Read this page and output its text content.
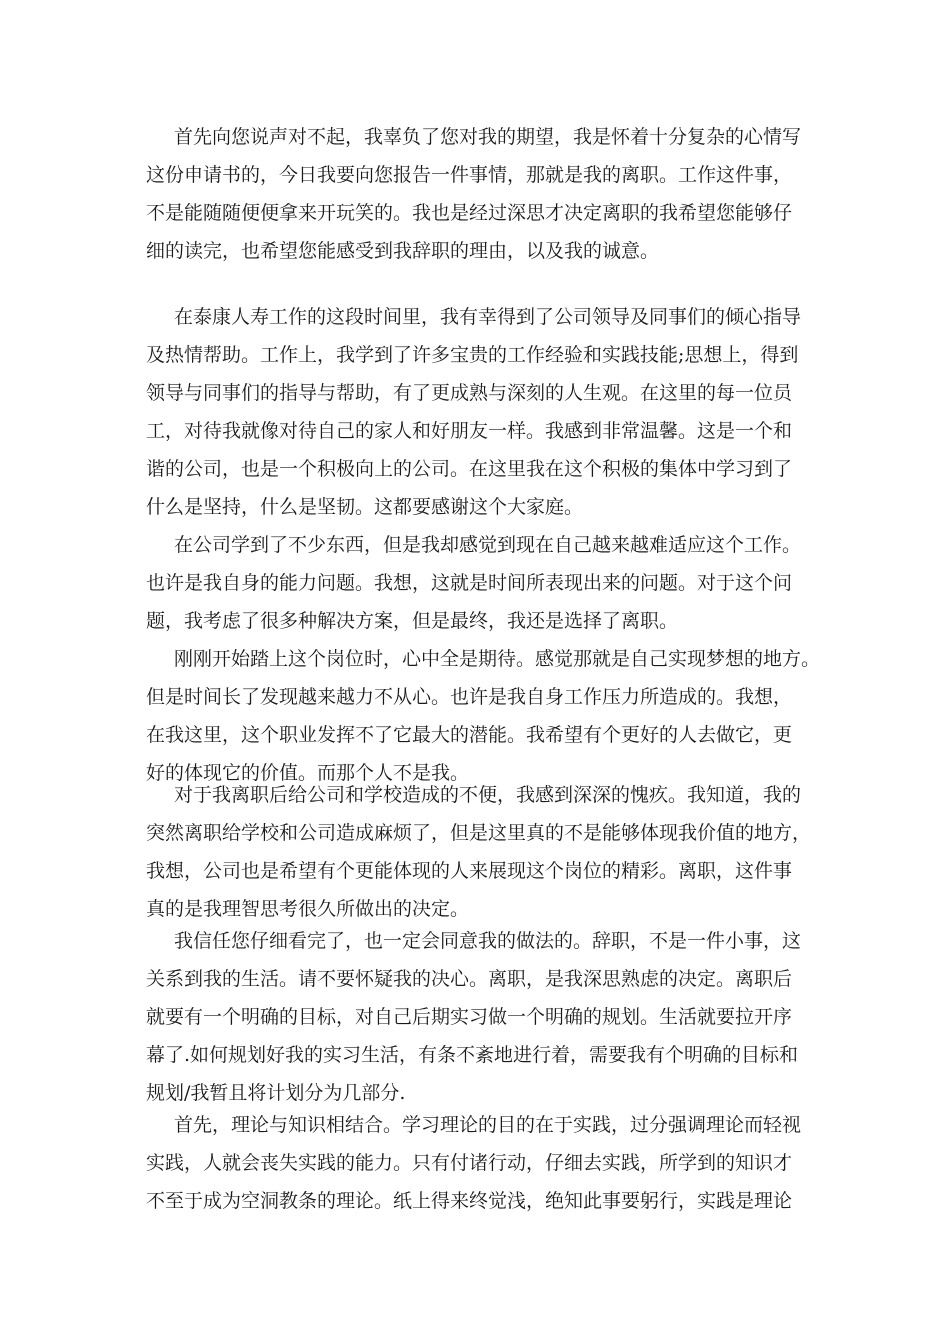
首先向您说声对不起，我辜负了您对我的期望，我是怀着十分复杂的心情写
这份申请书的，今日我要向您报告一件事情，那就是我的离职。工作这件事，
不是能随随便便拿来开玩笑的。我也是经过深思才决定离职的我希望您能够仔
细的读完，也希望您能感受到我辞职的理由，以及我的诚意。
在泰康人寿工作的这段时间里，我有幸得到了公司领导及同事们的倾心指导
及热情帮助。工作上，我学到了许多宝贵的工作经验和实践技能;思想上，得到
领导与同事们的指导与帮助，有了更成熟与深刻的人生观。在这里的每一位员
工，对待我就像对待自己的家人和好朋友一样。我感到非常温馨。这是一个和
谐的公司，也是一个积极向上的公司。在这里我在这个积极的集体中学习到了
什么是坚持，什么是坚韧。这都要感谢这个大家庭。
在公司学到了不少东西，但是我却感觉到现在自己越来越难适应这个工作。
也许是我自身的能力问题。我想，这就是时间所表现出来的问题。对于这个问
题，我考虑了很多种解决方案，但是最终，我还是选择了离职。
刚刚开始踏上这个岗位时，心中全是期待。感觉那就是自己实现梦想的地方。
但是时间长了发现越来越力不从心。也许是我自身工作压力所造成的。我想，
在我这里，这个职业发挥不了它最大的潜能。我希望有个更好的人去做它，更
好的体现它的价值。而那个人不是我。
对于我离职后给公司和学校造成的不便，我感到深深的愧疚。我知道，我的
突然离职给学校和公司造成麻烦了，但是这里真的不是能够体现我价值的地方，
我想，公司也是希望有个更能体现的人来展现这个岗位的精彩。离职，这件事
真的是我理智思考很久所做出的决定。
我信任您仔细看完了，也一定会同意我的做法的。辞职，不是一件小事，这
关系到我的生活。请不要怀疑我的决心。离职，是我深思熟虑的决定。离职后
就要有一个明确的目标，对自己后期实习做一个明确的规划。生活就要拉开序
幕了.如何规划好我的实习生活，有条不紊地进行着，需要我有个明确的目标和
规划/我暂且将计划分为几部分.
首先，理论与知识相结合。学习理论的目的在于实践，过分强调理论而轻视
实践，人就会丧失实践的能力。只有付诸行动，仔细去实践，所学到的知识才
不至于成为空洞教条的理论。纸上得来终觉浅，绝知此事要躬行，实践是理论
